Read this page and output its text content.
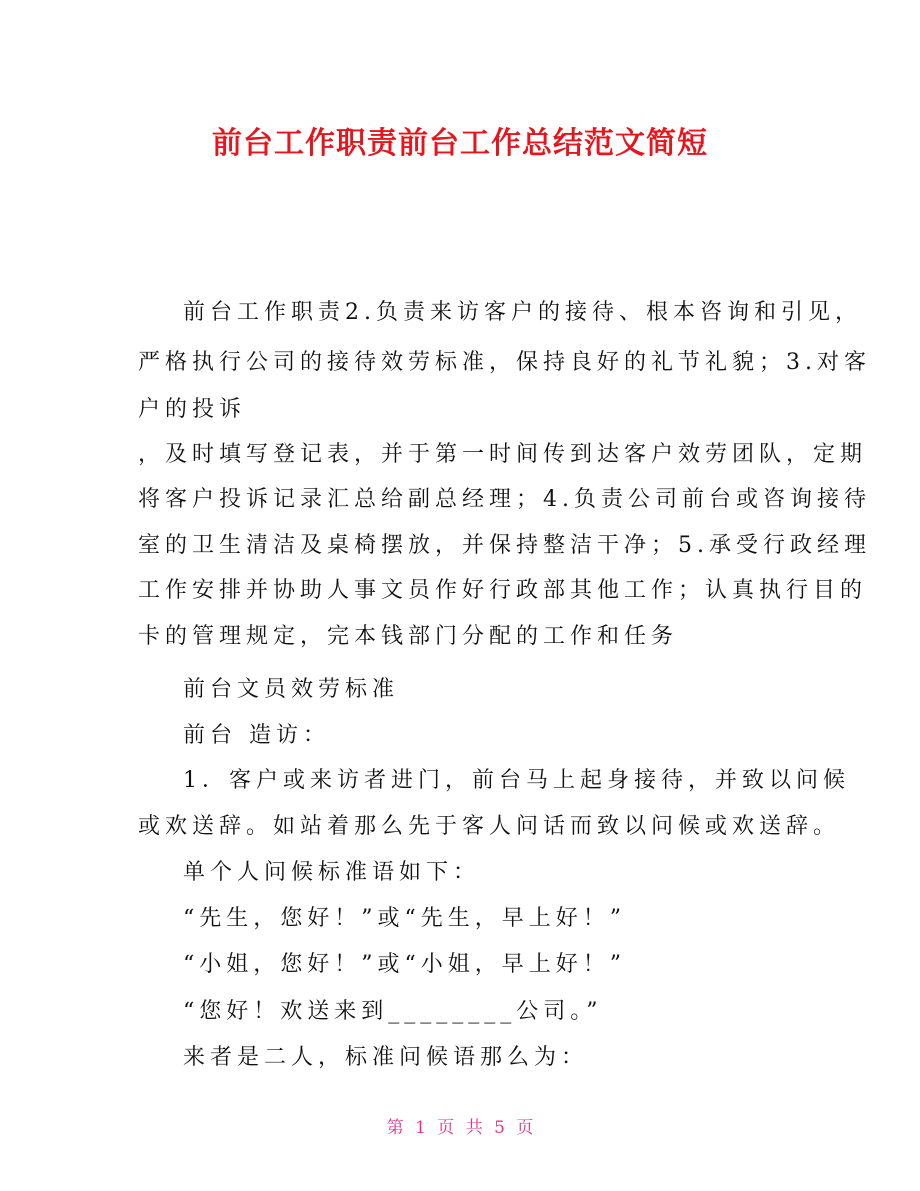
前台工作职责前台工作总结范文简短
前台工作职责2.负责来访客户的接待、根本咨询和引见，
严格执行公司的接待效劳标准，保持良好的礼节礼貌；3.对客
户的投诉
，及时填写登记表，并于第一时间传到达客户效劳团队，定期
将客户投诉记录汇总给副总经理；4.负责公司前台或咨询接待
室的卫生清洁及桌椅摆放，并保持整洁干净；5.承受行政经理
工作安排并协助人事文员作好行政部其他工作；认真执行目的
卡的管理规定，完本钱部门分配的工作和任务
前台文员效劳标准
前台 造访：
1．客户或来访者进门，前台马上起身接待，并致以问候
或欢送辞。如站着那么先于客人问话而致以问候或欢送辞。
单个人问候标准语如下：
“先生，您好！”或“先生，早上好！”
“小姐，您好！”或“小姐，早上好！”
“您好！欢送来到________公司。”
来者是二人，标准问候语那么为：
第 1 页 共 5 页
